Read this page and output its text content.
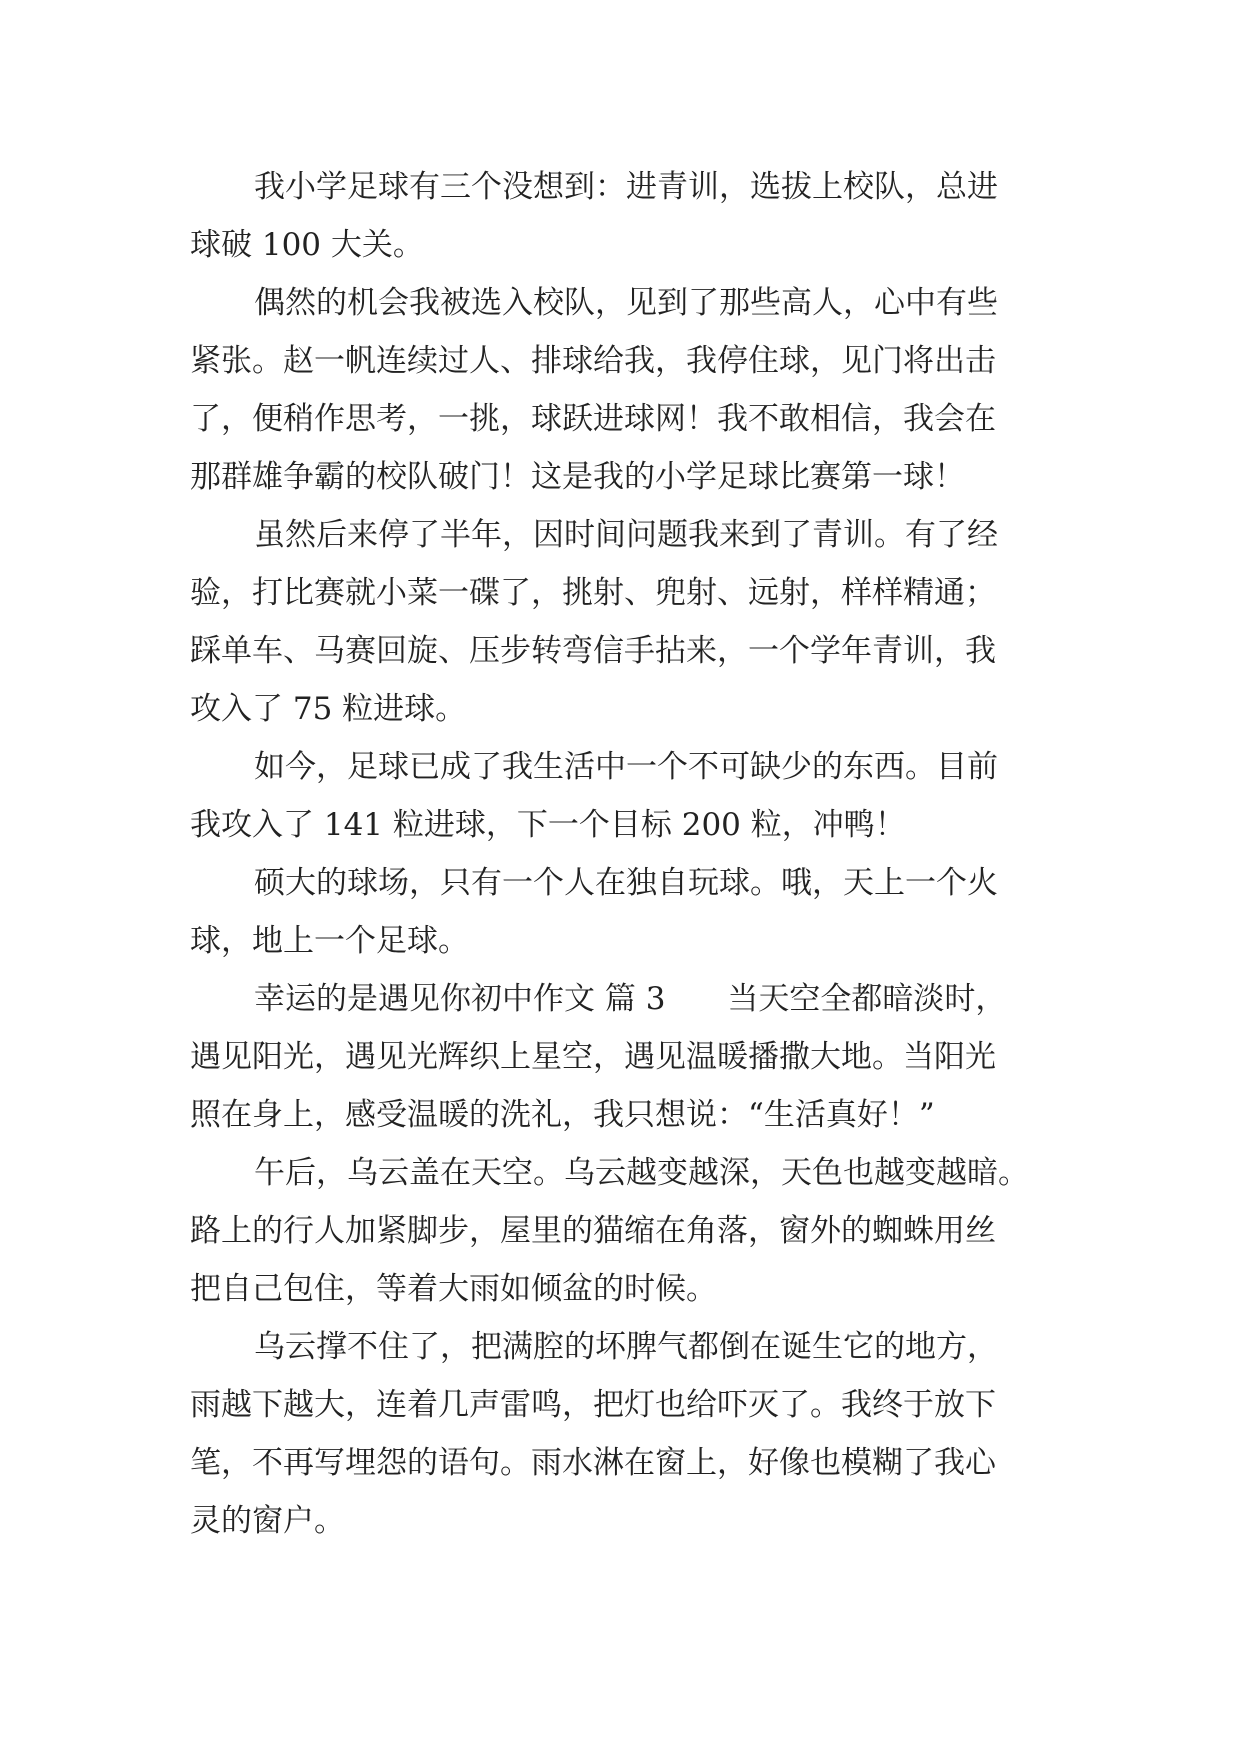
我小学足球有三个没想到：进青训，选拔上校队，总进
球破 100 大关。
偶然的机会我被选入校队，见到了那些高人，心中有些
紧张。赵一帆连续过人、排球给我，我停住球，见门将出击
了，便稍作思考，一挑，球跃进球网！我不敢相信，我会在
那群雄争霸的校队破门！这是我的小学足球比赛第一球！
虽然后来停了半年，因时间问题我来到了青训。有了经
验，打比赛就小菜一碟了，挑射、兜射、远射，样样精通；
踩单车、马赛回旋、压步转弯信手拈来，一个学年青训，我
攻入了 75 粒进球。
如今，足球已成了我生活中一个不可缺少的东西。目前
我攻入了 141 粒进球，下一个目标 200 粒，冲鸭！
硕大的球场，只有一个人在独自玩球。哦，天上一个火
球，地上一个足球。
幸运的是遇见你初中作文 篇 3　　当天空全都暗淡时，
遇见阳光，遇见光辉织上星空，遇见温暖播撒大地。当阳光
照在身上，感受温暖的洗礼，我只想说：“生活真好！”
午后，乌云盖在天空。乌云越变越深，天色也越变越暗。
路上的行人加紧脚步，屋里的猫缩在角落，窗外的蜘蛛用丝
把自己包住，等着大雨如倾盆的时候。
乌云撑不住了，把满腔的坏脾气都倒在诞生它的地方，
雨越下越大，连着几声雷鸣，把灯也给吓灭了。我终于放下
笔，不再写埋怨的语句。雨水淋在窗上，好像也模糊了我心
灵的窗户。
